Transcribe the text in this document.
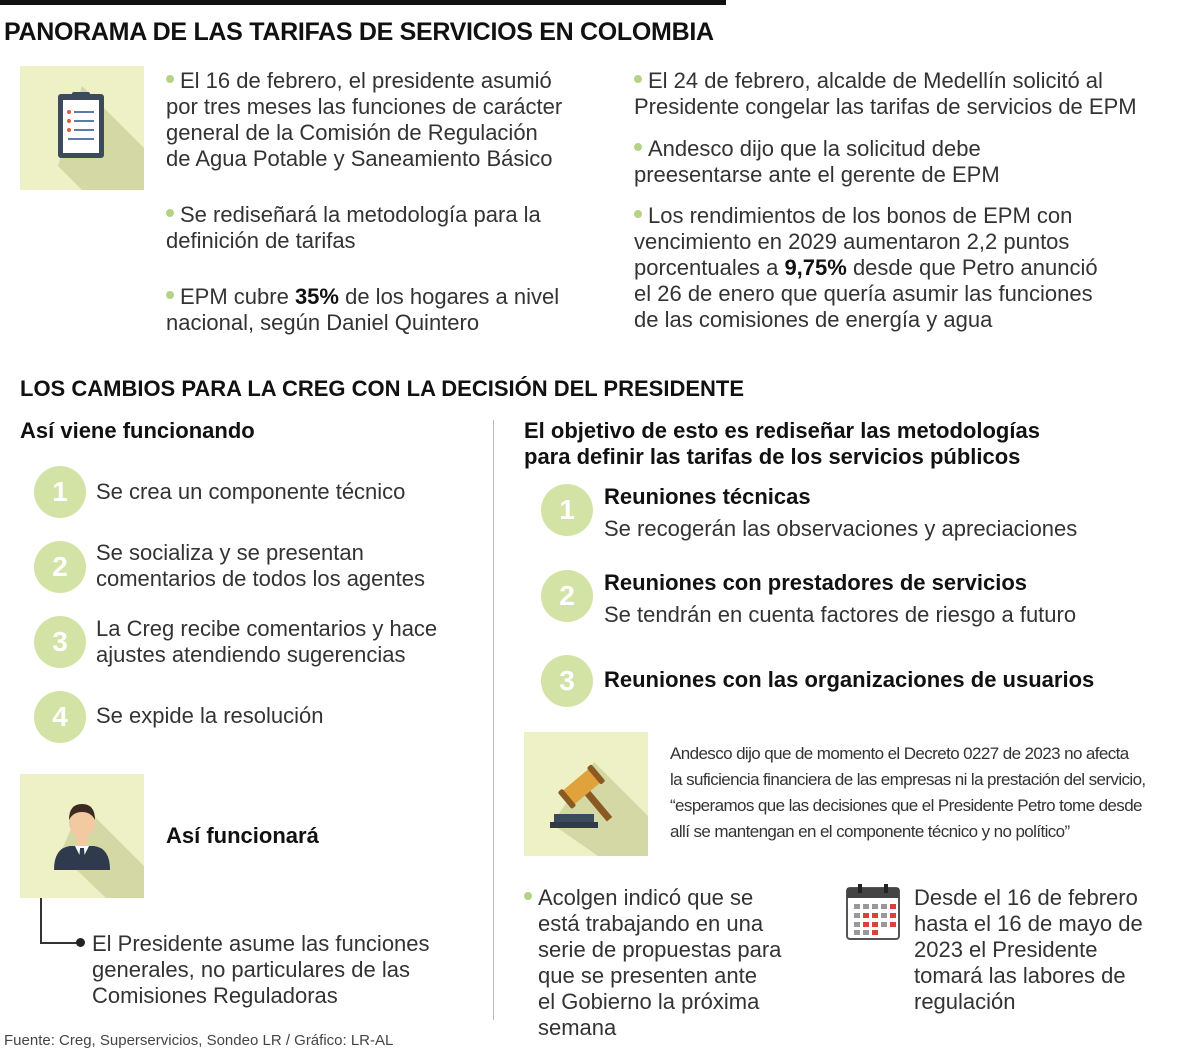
PANORAMA DE LAS TARIFAS DE SERVICIOS EN COLOMBIA
El 16 de febrero, el presidente asumió
por tres meses las funciones de carácter
general de la Comisión de Regulación
de Agua Potable y Saneamiento Básico
Se rediseñará la metodología para la
definición de tarifas
EPM cubre 35% de los hogares a nivel
nacional, según Daniel Quintero
El 24 de febrero, alcalde de Medellín solicitó al
Presidente congelar las tarifas de servicios de EPM
Andesco dijo que la solicitud debe
preesentarse ante el gerente de EPM
Los rendimientos de los bonos de EPM con
vencimiento en 2029 aumentaron 2,2 puntos
porcentuales a 9,75% desde que Petro anunció
el 26 de enero que quería asumir las funciones
de las comisiones de energía y agua
LOS CAMBIOS PARA LA CREG CON LA DECISIÓN DEL PRESIDENTE
Así viene funcionando
1	Se crea un componente técnico
2	Se socializa y se presentan
comentarios de todos los agentes
3	La Creg recibe comentarios y hace
ajustes atendiendo sugerencias
4	Se expide la resolución
Así funcionará
El Presidente asume las funciones
generales, no particulares de las
Comisiones Reguladoras
El objetivo de esto es rediseñar las metodologías
para definir las tarifas de los servicios públicos
1	Reuniones técnicas
Se recogerán las observaciones y apreciaciones
2	Reuniones con prestadores de servicios
Se tendrán en cuenta factores de riesgo a futuro
3	Reuniones con las organizaciones de usuarios
Andesco dijo que de momento el Decreto 0227 de 2023 no afecta
la suficiencia financiera de las empresas ni la prestación del servicio,
“esperamos que las decisiones que el Presidente Petro tome desde
allí se mantengan en el componente técnico y no político”
Acolgen indicó que se
está trabajando en una
serie de propuestas para
que se presenten ante
el Gobierno la próxima
semana
Desde el 16 de febrero
hasta el 16 de mayo de
2023 el Presidente
tomará las labores de
regulación
Fuente: Creg, Superservicios, Sondeo LR / Gráfico: LR-AL
